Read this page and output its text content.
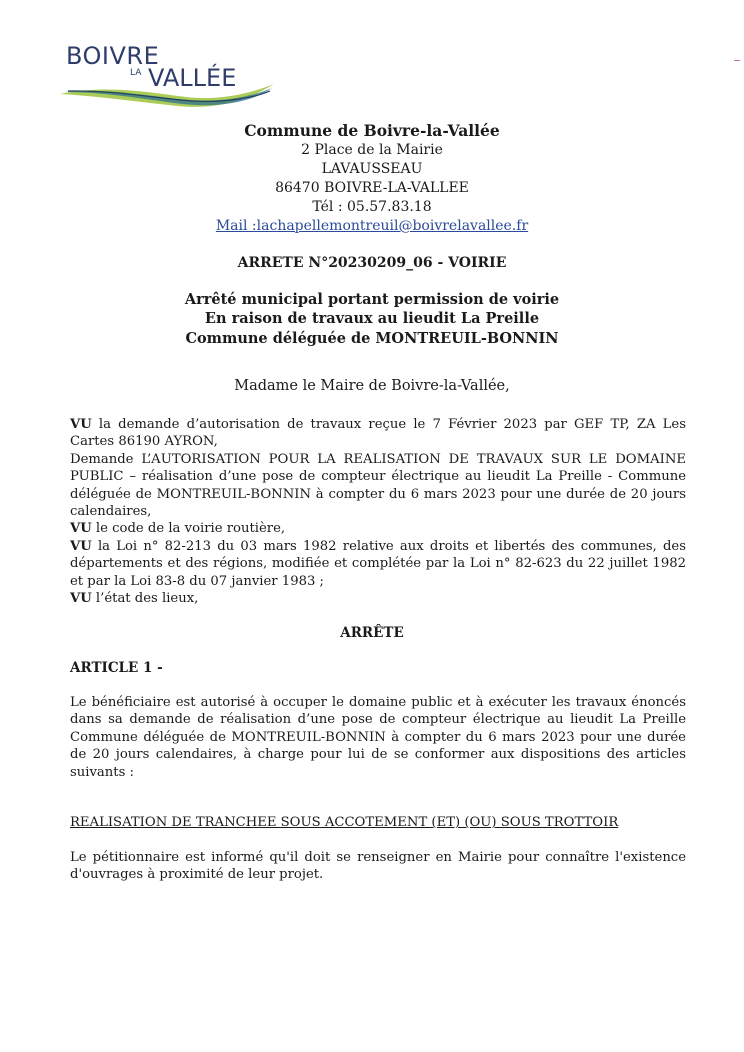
BOIVRE
LA VALLÉE
Commune de Boivre-la-Vallée
2 Place de la Mairie
LAVAUSSEAU
86470 BOIVRE-LA-VALLEE
Tél : 05.57.83.18
Mail :lachapellemontreuil@boivrelavallee.fr
ARRETE N°20230209_06 - VOIRIE
Arrêté municipal portant permission de voirie
En raison de travaux au lieudit La Preille
Commune déléguée de MONTREUIL-BONNIN
Madame le Maire de Boivre-la-Vallée,

VU la demande d’autorisation de travaux reçue le 7 Février 2023 par GEF TP, ZA Les Cartes 86190 AYRON,

Demande L’AUTORISATION POUR LA REALISATION DE TRAVAUX SUR LE DOMAINE PUBLIC – réalisation d’une pose de compteur électrique au lieudit La Preille - Commune déléguée de MONTREUIL-BONNIN à compter du 6 mars 2023 pour une durée de 20 jours calendaires,

VU le code de la voirie routière,

VU la Loi n° 82-213 du 03 mars 1982 relative aux droits et libertés des communes, des départements et des régions, modifiée et complétée par la Loi n° 82-623 du 22 juillet 1982 et par la Loi 83-8 du 07 janvier 1983 ;

VU l’état des lieux,

ARRÊTE
ARTICLE 1 -

Le bénéficiaire est autorisé à occuper le domaine public et à exécuter les travaux énoncés dans sa demande de réalisation d’une pose de compteur électrique au lieudit La Preille Commune déléguée de MONTREUIL-BONNIN à compter du 6 mars 2023 pour une durée de 20 jours calendaires, à charge pour lui de se conformer aux dispositions des articles suivants :

REALISATION DE TRANCHEE SOUS ACCOTEMENT (ET) (OU) SOUS TROTTOIR

Le pétitionnaire est informé qu'il doit se renseigner en Mairie pour connaître l'existence d'ouvrages à proximité de leur projet.
